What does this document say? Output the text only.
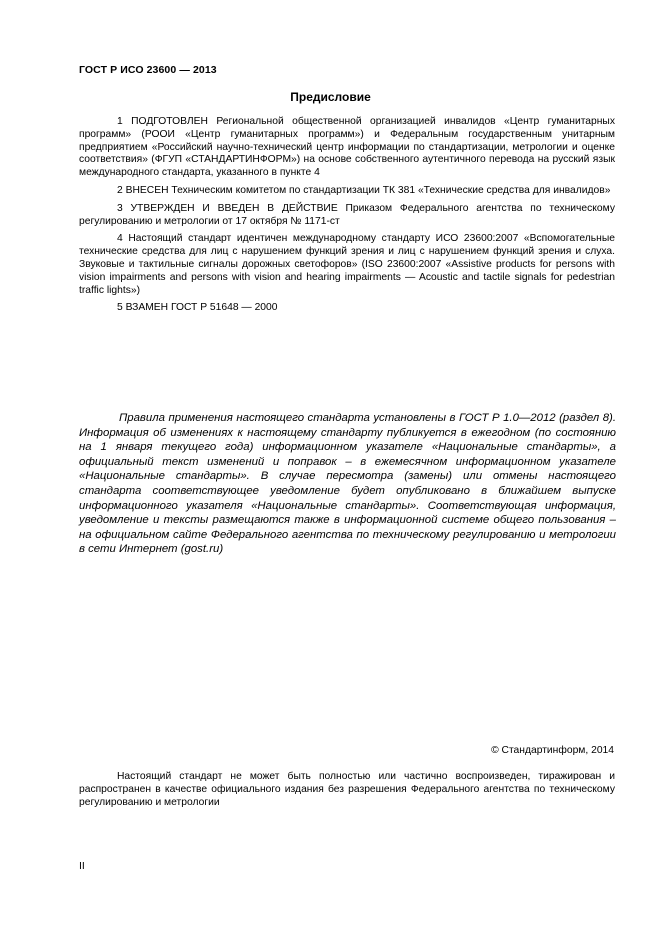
ГОСТ Р ИСО 23600 — 2013
Предисловие

1 ПОДГОТОВЛЕН Региональной общественной организацией инвалидов «Центр гуманитарных программ» (РООИ «Центр гуманитарных программ») и Федеральным государственным унитарным предприятием «Российский научно-технический центр информации по стандартизации, метрологии и оценке соответствия» (ФГУП «СТАНДАРТИНФОРМ») на основе собственного аутентичного перевода на русский язык международного стандарта, указанного в пункте 4

2 ВНЕСЕН Техническим комитетом по стандартизации ТК 381 «Технические средства для инвалидов»

3 УТВЕРЖДЕН И ВВЕДЕН В ДЕЙСТВИЕ Приказом Федерального агентства по техническому регулированию и метрологии от 17 октября № 1171-ст

4 Настоящий стандарт идентичен международному стандарту ИСО 23600:2007 «Вспомогательные технические средства для лиц с нарушением функций зрения и лиц с нарушением функций зрения и слуха. Звуковые и тактильные сигналы дорожных светофоров» (ISO 23600:2007 «Assistive products for persons with vision impairments and persons with vision and hearing impairments — Acoustic and tactile signals for pedestrian traffic lights»)

5 ВЗАМЕН ГОСТ Р 51648 — 2000

Правила применения настоящего стандарта установлены в ГОСТ Р 1.0—2012 (раздел 8). Информация об изменениях к настоящему стандарту публикуется в ежегодном (по состоянию на 1 января текущего года) информационном указателе «Национальные стандарты», а официальный текст изменений и поправок – в ежемесячном информационном указателе «Национальные стандарты». В случае пересмотра (замены) или отмены настоящего стандарта соответствующее уведомление будет опубликовано в ближайшем выпуске информационного указателя «Национальные стандарты». Соответствующая информация, уведомление и тексты размещаются также в информационной системе общего пользования – на официальном сайте Федерального агентства по техническому регулированию и метрологии в сети Интернет (gost.ru)

© Стандартинформ, 2014

Настоящий стандарт не может быть полностью или частично воспроизведен, тиражирован и распространен в качестве официального издания без разрешения Федерального агентства по техническому регулированию и метрологии

II
